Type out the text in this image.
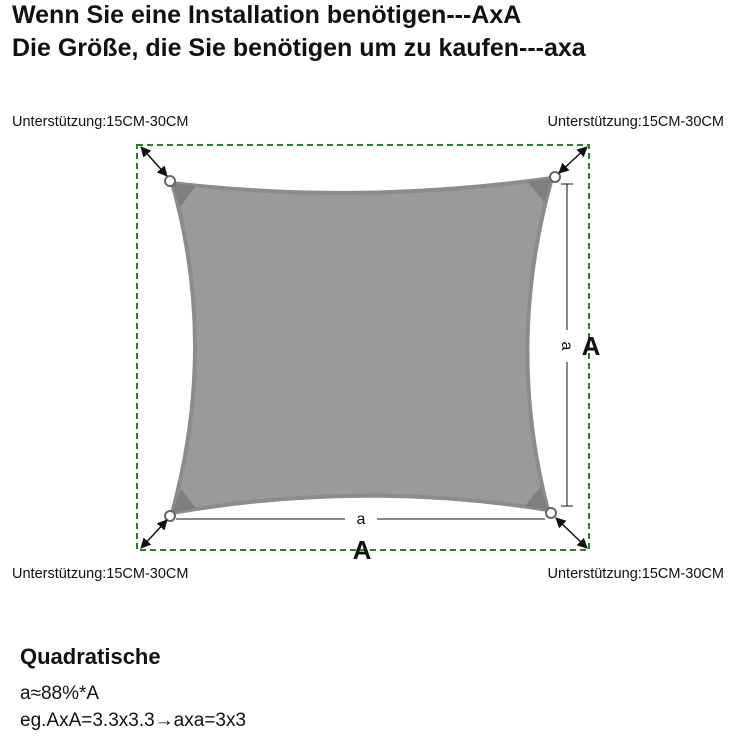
Wenn Sie eine Installation benötigen---AxA
Die Größe, die Sie benötigen um zu kaufen---axa
Unterstützung:15CM-30CM	Unterstützung:15CM-30CM
Unterstützung:15CM-30CM	Unterstützung:15CM-30CM
a
a
A
A
Quadratische
a≈88%*A
eg.AxA=3.3x3.3→axa=3x3
